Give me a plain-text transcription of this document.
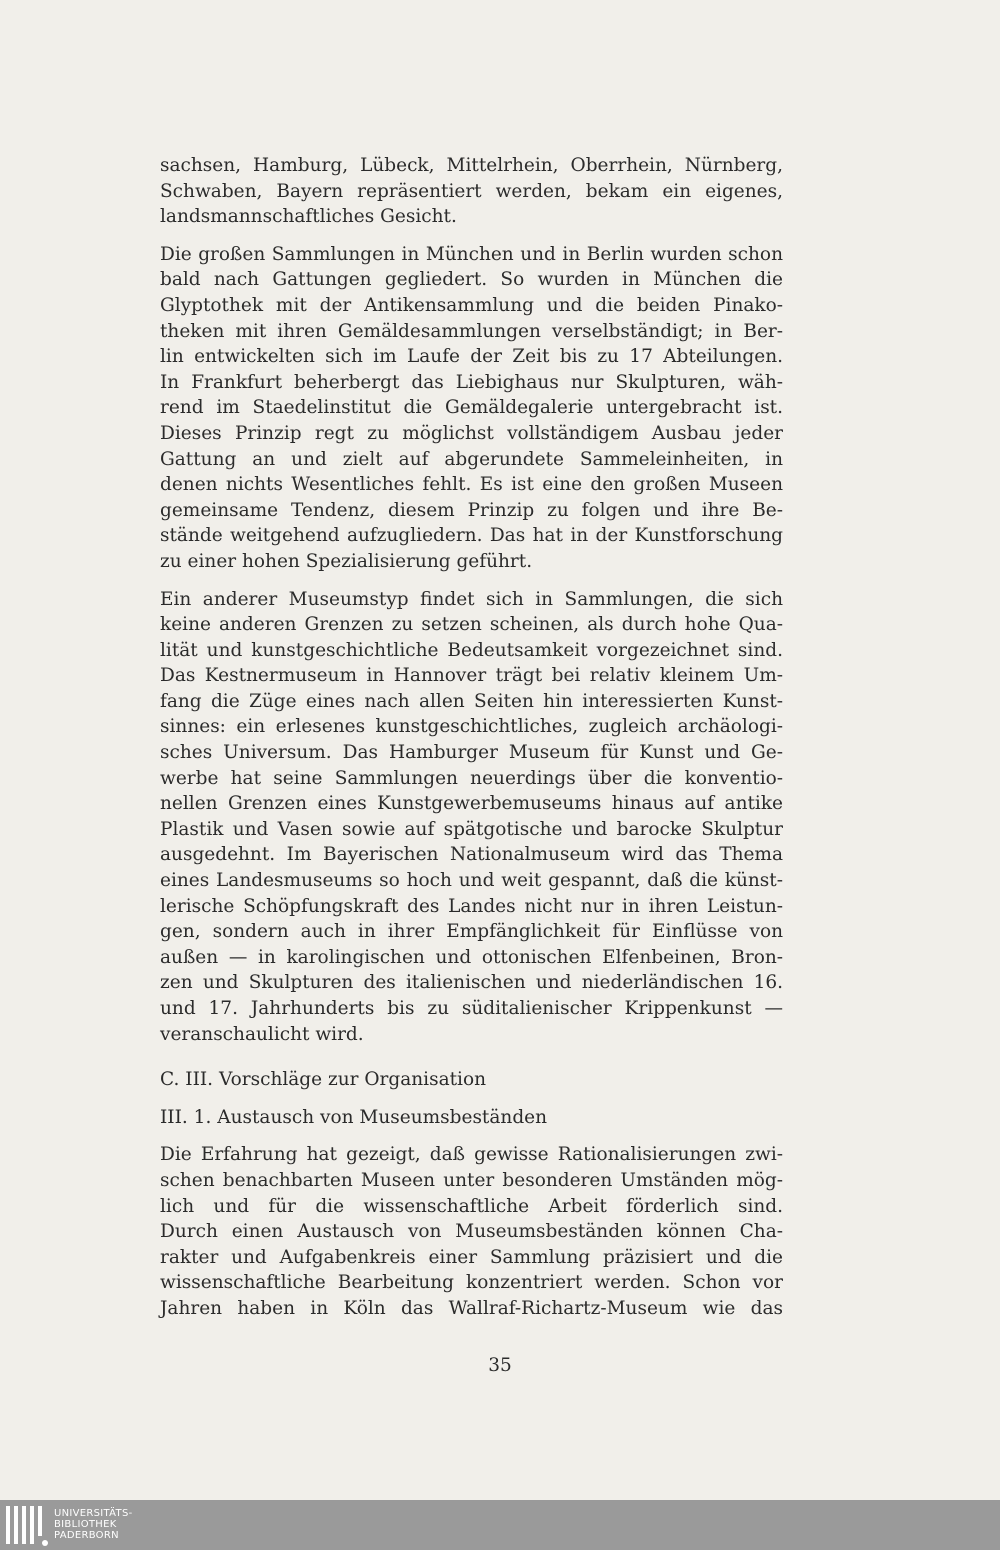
sachsen, Hamburg, Lübeck, Mittelrhein, Oberrhein, Nürnberg,
Schwaben, Bayern repräsentiert werden, bekam ein eigenes,
landsmannschaftliches Gesicht.
Die großen Sammlungen in München und in Berlin wurden schon
bald nach Gattungen gegliedert. So wurden in München die
Glyptothek mit der Antikensammlung und die beiden Pinako-
theken mit ihren Gemäldesammlungen verselbständigt; in Ber-
lin entwickelten sich im Laufe der Zeit bis zu 17 Abteilungen.
In Frankfurt beherbergt das Liebighaus nur Skulpturen, wäh-
rend im Staedelinstitut die Gemäldegalerie untergebracht ist.
Dieses Prinzip regt zu möglichst vollständigem Ausbau jeder
Gattung an und zielt auf abgerundete Sammeleinheiten, in
denen nichts Wesentliches fehlt. Es ist eine den großen Museen
gemeinsame Tendenz, diesem Prinzip zu folgen und ihre Be-
stände weitgehend aufzugliedern. Das hat in der Kunstforschung
zu einer hohen Spezialisierung geführt.
Ein anderer Museumstyp findet sich in Sammlungen, die sich
keine anderen Grenzen zu setzen scheinen, als durch hohe Qua-
lität und kunstgeschichtliche Bedeutsamkeit vorgezeichnet sind.
Das Kestnermuseum in Hannover trägt bei relativ kleinem Um-
fang die Züge eines nach allen Seiten hin interessierten Kunst-
sinnes: ein erlesenes kunstgeschichtliches, zugleich archäologi-
sches Universum. Das Hamburger Museum für Kunst und Ge-
werbe hat seine Sammlungen neuerdings über die konventio-
nellen Grenzen eines Kunstgewerbemuseums hinaus auf antike
Plastik und Vasen sowie auf spätgotische und barocke Skulptur
ausgedehnt. Im Bayerischen Nationalmuseum wird das Thema
eines Landesmuseums so hoch und weit gespannt, daß die künst-
lerische Schöpfungskraft des Landes nicht nur in ihren Leistun-
gen, sondern auch in ihrer Empfänglichkeit für Einflüsse von
außen — in karolingischen und ottonischen Elfenbeinen, Bron-
zen und Skulpturen des italienischen und niederländischen 16.
und 17. Jahrhunderts bis zu süditalienischer Krippenkunst —
veranschaulicht wird.

C. III. Vorschläge zur Organisation

III. 1. Austausch von Museumsbeständen

Die Erfahrung hat gezeigt, daß gewisse Rationalisierungen zwi-
schen benachbarten Museen unter besonderen Umständen mög-
lich und für die wissenschaftliche Arbeit förderlich sind.
Durch einen Austausch von Museumsbeständen können Cha-
rakter und Aufgabenkreis einer Sammlung präzisiert und die
wissenschaftliche Bearbeitung konzentriert werden. Schon vor
Jahren haben in Köln das Wallraf-Richartz-Museum wie das
35
UNIVERSITÄTS-
BIBLIOTHEK
PADERBORN
